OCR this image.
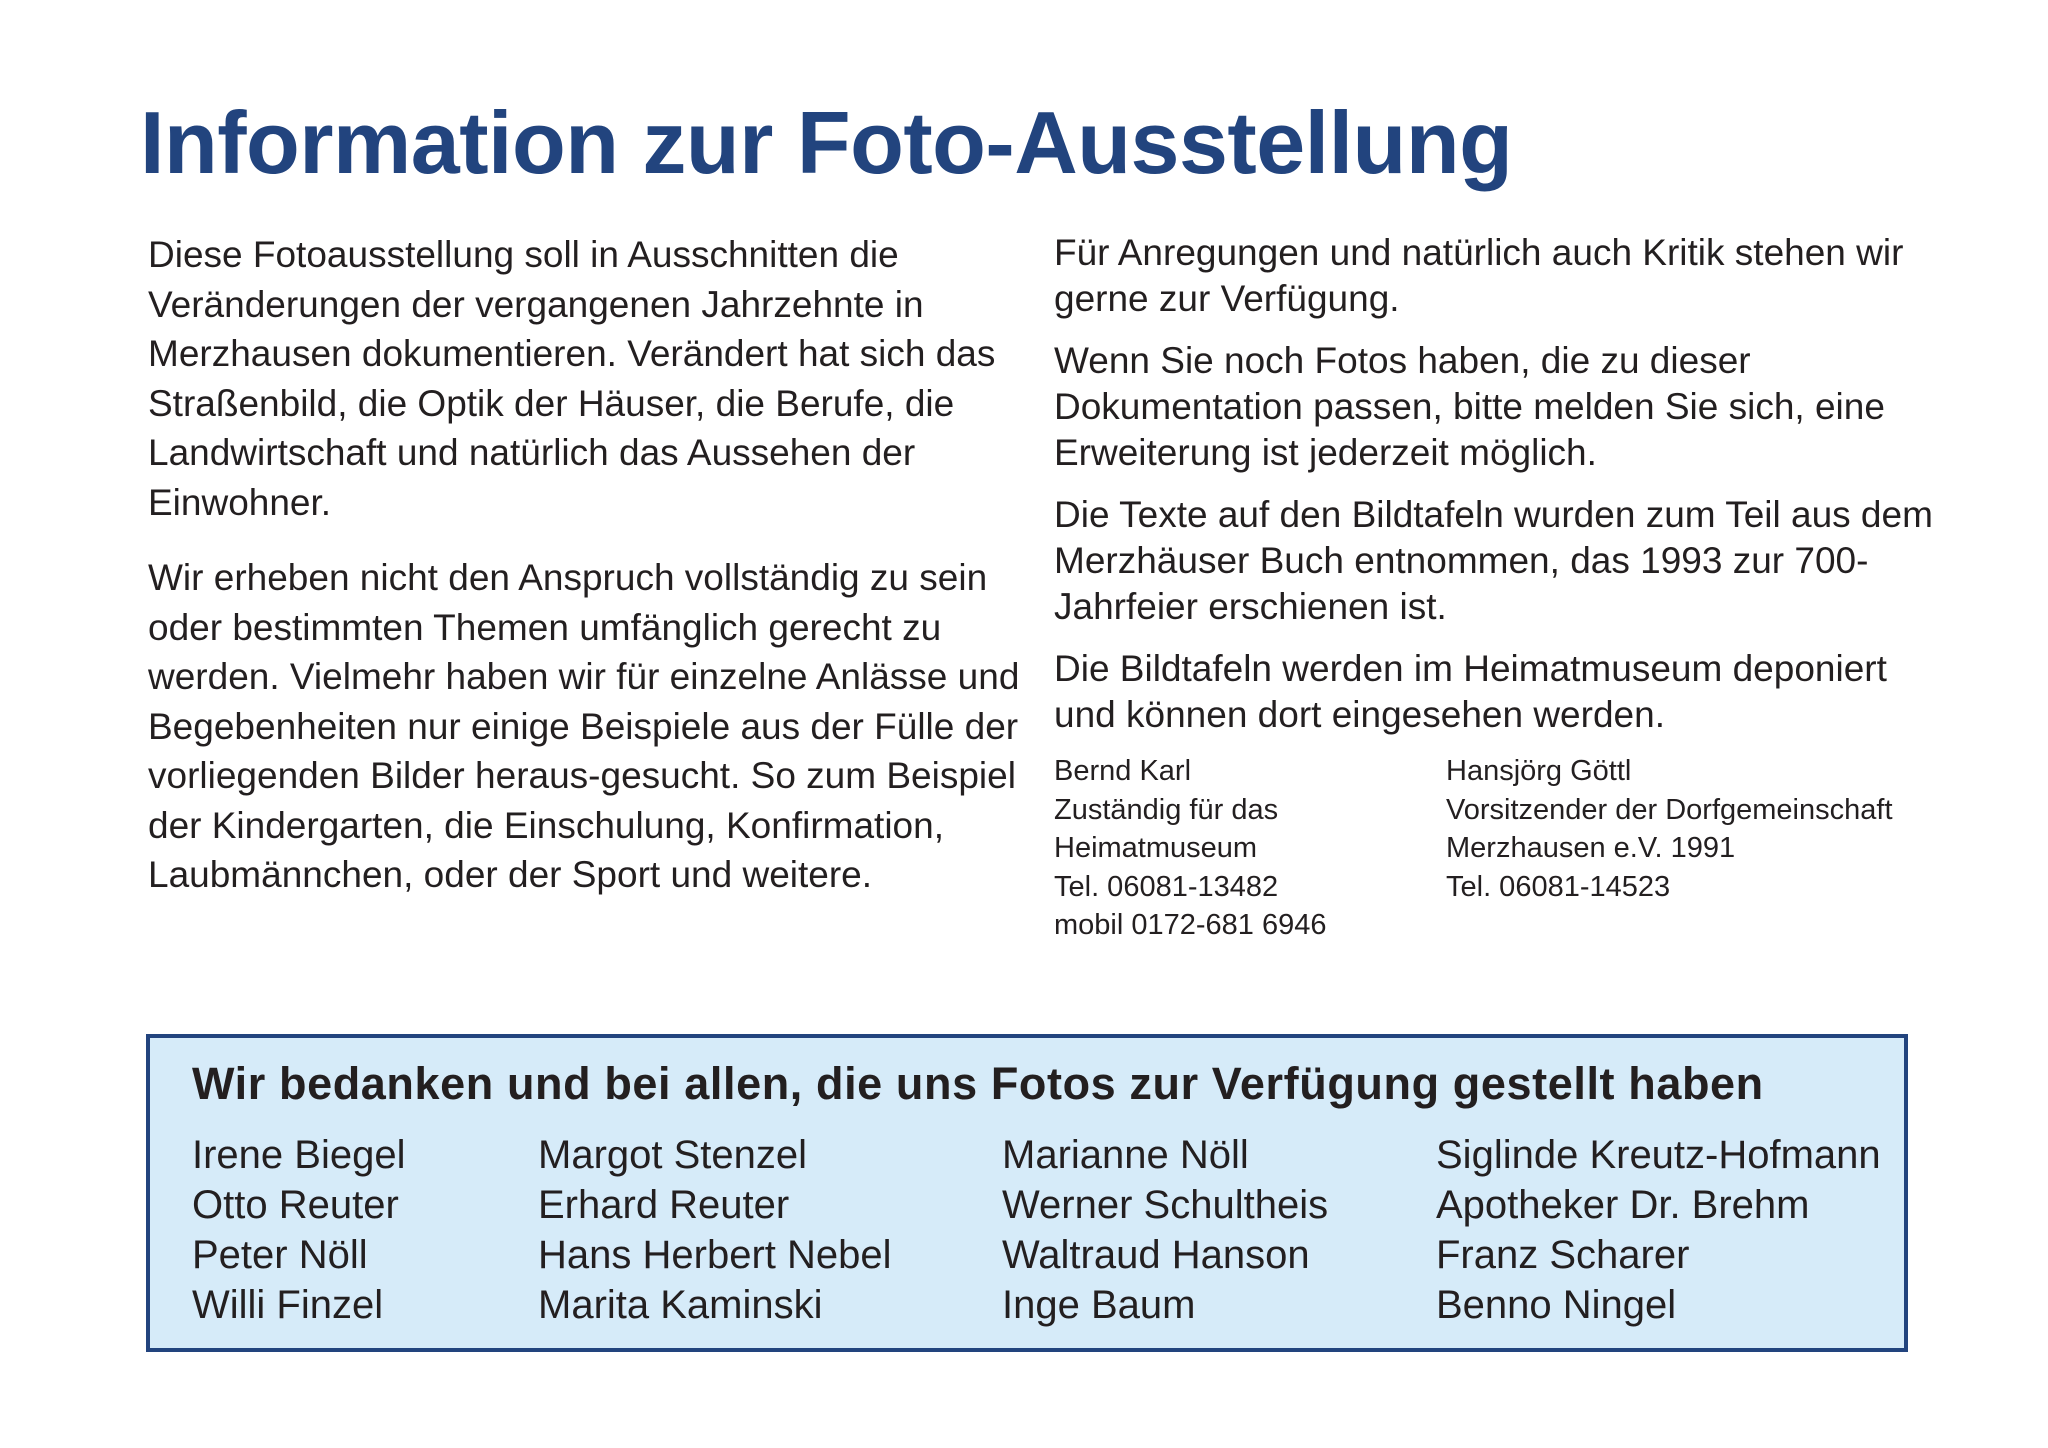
Information zur Foto-Ausstellung

Diese Fotoausstellung soll in Ausschnitten die Veränderungen der vergangenen Jahrzehnte in Merzhausen dokumentieren. Verändert hat sich das Straßenbild, die Optik der Häuser, die Berufe, die Landwirtschaft und natürlich das Aussehen der Einwohner.

Wir erheben nicht den Anspruch vollständig zu sein oder bestimmten Themen umfänglich gerecht zu werden. Vielmehr haben wir für einzelne Anlässe und Begebenheiten nur einige Beispiele aus der Fülle der vorliegenden Bilder heraus-gesucht. So zum Beispiel der Kindergarten, die Einschulung, Konfirmation, Laubmännchen, oder der Sport und weitere.

Für Anregungen und natürlich auch Kritik stehen wir gerne zur Verfügung.

Wenn Sie noch Fotos haben, die zu dieser Dokumentation passen, bitte melden Sie sich, eine Erweiterung ist jederzeit möglich.

Die Texte auf den Bildtafeln wurden zum Teil aus dem Merzhäuser Buch entnommen, das 1993 zur 700-Jahrfeier erschienen ist.

Die Bildtafeln werden im Heimatmuseum deponiert und können dort eingesehen werden.

Bernd Karl
Zuständig für das
Heimatmuseum
Tel. 06081-13482
mobil 0172-681 6946
Hansjörg Göttl
Vorsitzender der Dorfgemeinschaft
Merzhausen e.V. 1991
Tel. 06081-14523
Wir bedanken und bei allen, die uns Fotos zur Verfügung gestellt haben
Irene Biegel
Otto Reuter
Peter Nöll
Willi Finzel
Margot Stenzel
Erhard Reuter
Hans Herbert Nebel
Marita Kaminski
Marianne Nöll
Werner Schultheis
Waltraud Hanson
Inge Baum
Siglinde Kreutz-Hofmann
Apotheker Dr. Brehm
Franz Scharer
Benno Ningel
